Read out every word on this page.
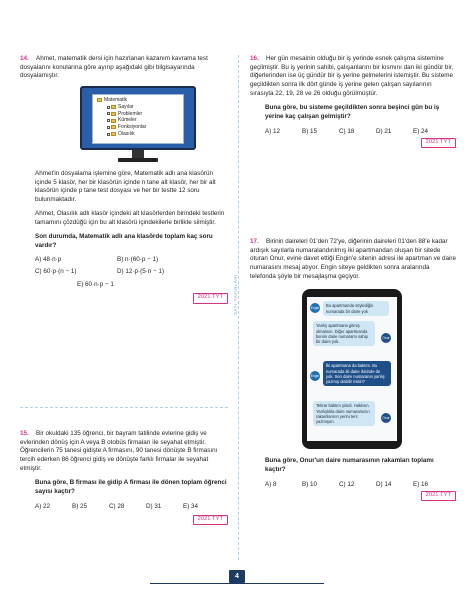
14. Ahmet, matematik dersi için hazırlanan kazanım kavrama test dosyalarını konularına göre ayırıp aşağıdaki gibi bilgisayarında dosyalamıştır.

Matematik
Sayılar
Problemler
Kümeler
Fonksiyonlar
Olasılık

Ahmet'in dosyalama işlemine göre, Matematik adlı ana klasörün içinde 5 klasör, her bir klasörün içinde n tane alt klasör, her bir alt klasörün içinde p tane test dosyası ve her bir testte 12 soru bulunmaktadır.

Ahmet, Olasılık adlı klasör içindeki alt klasörlerden birindeki testlerin tamamını çözdüğü için bu alt klasörü içindekilerle birlikte silmiştir.

Son durumda, Matematik adlı ana klasörde toplam kaç soru vardır?

A) 48·n·p	B) n·(60·p − 1)
C) 60·p·(n − 1)	D) 12·p·(5·n − 1)
E) 60·n·p − 1
2021 TYT

15. Bir okuldaki 135 öğrenci, bir bayram tatilinde evlerine gidiş ve evlerinden dönüş için A veya B otobüs firmaları ile seyahat etmiştir. Öğrencilerin 75 tanesi gidişte A firmasını, 90 tanesi dönüşte B firmasını tercih ederken 86 öğrenci gidiş ve dönüşte farklı firmalar ile seyahat etmiştir.

Buna göre, B firması ile gidip A firması ile dönen toplam öğrenci sayısı kaçtır?

A) 22	B) 25	C) 28	D) 31	E) 34
2021 TYT
SAYI YAYINLARI

16. Her gün mesainin olduğu bir iş yerinde esnek çalışma sistemine geçilmiştir. Bu iş yerinin sahibi, çalışanlarını bir kısmını dan iki gündür bir, diğerlerinden ise üç gündür bir iş yerine gelmelerini istemiştir. Bu sisteme geçildikten sonra ilk dört günde iş yerine gelen çalışan sayılarının sırasıyla 22, 19, 28 ve 26 olduğu görülmüştür.

Buna göre, bu sisteme geçildikten sonra beşinci gün bu iş yerine kaç çalışan gelmiştir?

A) 12	B) 15	C) 18	D) 21	E) 24
2021 TYT

17. Birinin daireleri 01'den 72'ye, diğerinin daireleri 01'den 88'e kadar ardışık sayılarla numaralandırılmış iki apartmandan oluşan bir sitede oturan Onur, evine davet ettiği Engin'e sitenin adresi ile apartman ve daire numarasını mesaj atıyor. Engin siteye geldikten sonra aralarında telefonda şöyle bir mesajlaşma geçiyor.

Engin	Bu apartmanda söylediğin numarada bir daire yok
Yanlış apartmana gitmiş olmalısın. Diğer apartmanda benim daire numaramı sahip bir daire yok.
Onur
Engin
İki apartmana da baktım. Bu numarada iki daire ikisinde de yok. Sen daire numaranın yanlış yazmış olabilir misin?
Tekrar baktım şimdi. Haklısın. Yanlışlıkla daire numaramızın rakamlarının yerini ters yazmışım.
Onur

Buna göre, Onur'un daire numarasının rakamları toplamı kaçtır?

A) 8	B) 10	C) 12	D) 14	E) 16
2021 TYT
4
